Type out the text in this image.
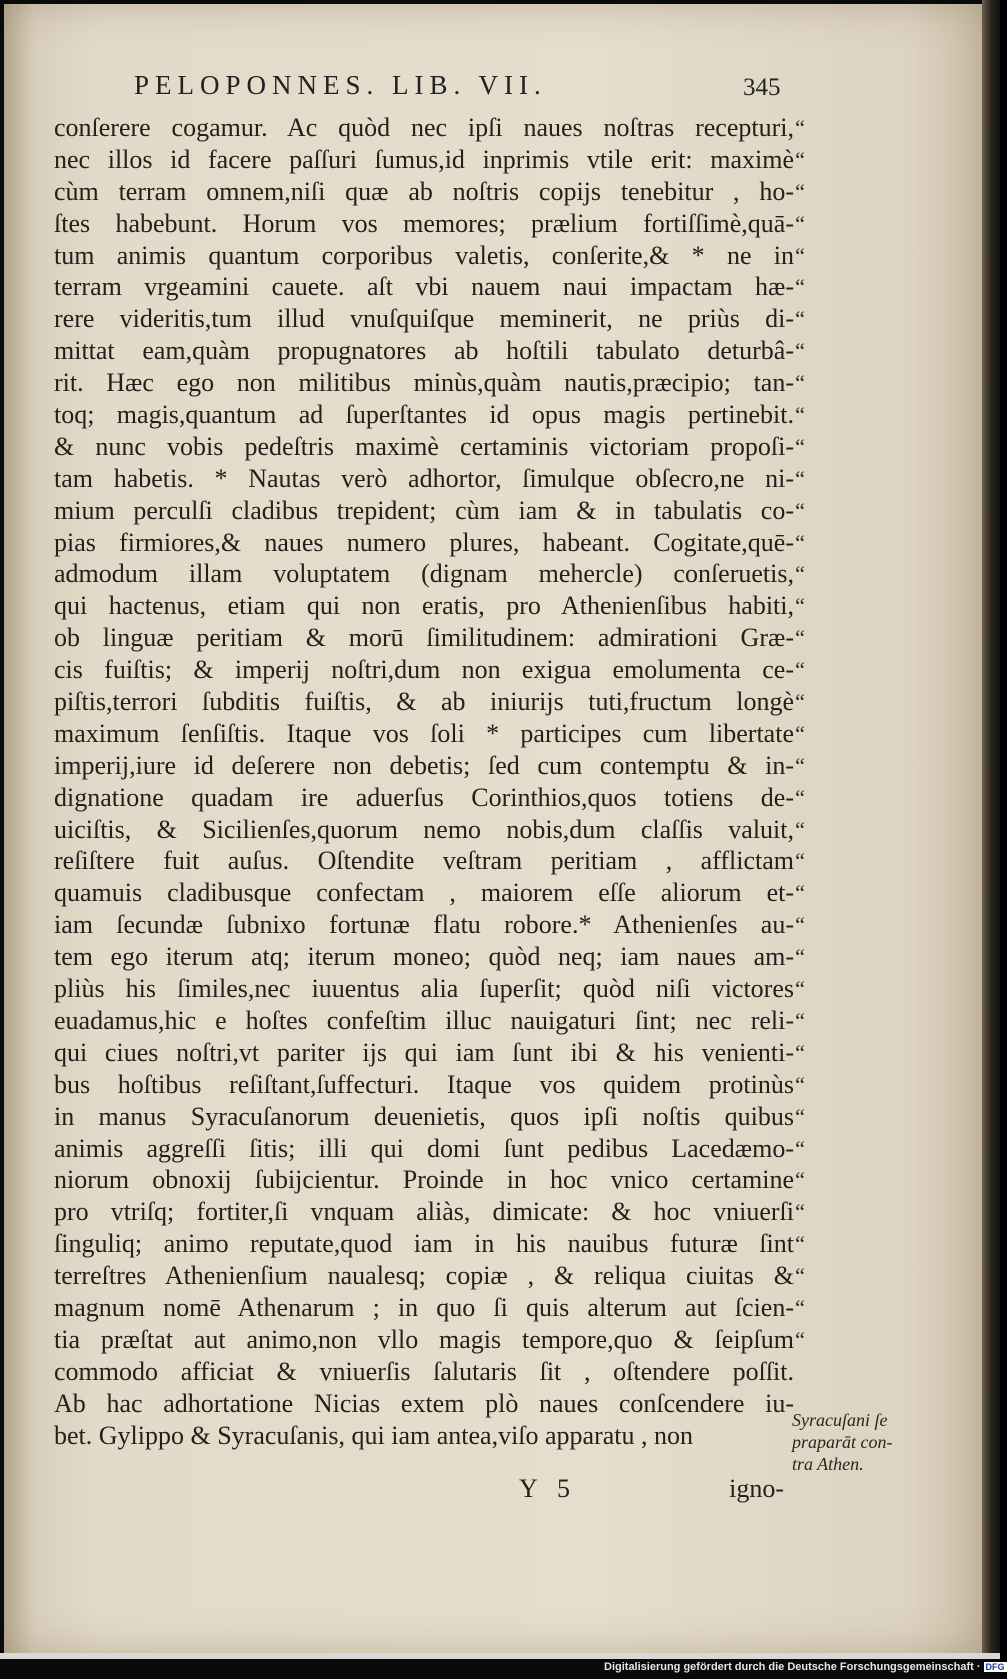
PELOPONNES. LIB. VII.	345
conſerere cogamur. Ac quòd nec ipſi naues noſtras recepturi,
nec illos id facere paſſuri ſumus,id inprimis vtile erit: maximè
cùm terram omnem,niſi quæ ab noſtris copijs tenebitur , ho-
ſtes habebunt. Horum vos memores; prælium fortiſſimè,quā-
tum animis quantum corporibus valetis, conſerite,& * ne in
terram vrgeamini cauete. aſt vbi nauem naui impactam hæ-
rere videritis,tum illud vnuſquiſque meminerit, ne priùs di-
mittat eam,quàm propugnatores ab hoſtili tabulato deturbâ-
rit. Hæc ego non militibus minùs,quàm nautis,præcipio; tan-
toq; magis,quantum ad ſuperſtantes id opus magis pertinebit.
& nunc vobis pedeſtris maximè certaminis victoriam propoſi-
tam habetis. * Nautas verò adhortor, ſimulque obſecro,ne ni-
mium perculſi cladibus trepident; cùm iam & in tabulatis co-
pias firmiores,& naues numero plures, habeant. Cogitate,quē-
admodum illam voluptatem (dignam mehercle) conſeruetis,
qui hactenus, etiam qui non eratis, pro Athenienſibus habiti,
ob linguæ peritiam & morū ſimilitudinem: admirationi Græ-
cis fuiſtis; & imperij noſtri,dum non exigua emolumenta ce-
piſtis,terrori ſubditis fuiſtis, & ab iniurijs tuti,fructum longè
maximum ſenſiſtis. Itaque vos ſoli * participes cum libertate
imperij,iure id deſerere non debetis; ſed cum contemptu & in-
dignatione quadam ire aduerſus Corinthios,quos totiens de-
uiciſtis, & Sicilienſes,quorum nemo nobis,dum claſſis valuit,
reſiſtere fuit auſus. Oſtendite veſtram peritiam , afflictam
quamuis cladibusque confectam , maiorem eſſe aliorum et-
iam ſecundæ ſubnixo fortunæ flatu robore.* Athenienſes au-
tem ego iterum atq; iterum moneo; quòd neq; iam naues am-
pliùs his ſimiles,nec iuuentus alia ſuperſit; quòd niſi victores
euadamus,hic e hoſtes confeſtim illuc nauigaturi ſint; nec reli-
qui ciues noſtri,vt pariter ijs qui iam ſunt ibi & his venienti-
bus hoſtibus reſiſtant,ſuffecturi. Itaque vos quidem protinùs
in manus Syracuſanorum deuenietis, quos ipſi noſtis quibus
animis aggreſſi ſitis; illi qui domi ſunt pedibus Lacedæmo-
niorum obnoxij ſubijcientur. Proinde in hoc vnico certamine
pro vtriſq; fortiter,ſi vnquam aliàs, dimicate: & hoc vniuerſi
ſinguliq; animo reputate,quod iam in his nauibus futuræ ſint
terreſtres Athenienſium naualesq; copiæ , & reliqua ciuitas &
magnum nomē Athenarum ; in quo ſi quis alterum aut ſcien-
tia præſtat aut animo,non vllo magis tempore,quo & ſeipſum
commodo afficiat & vniuerſis ſalutaris ſit , oſtendere poſſit.
Ab hac adhortatione Nicias extem plò naues conſcendere iu-
bet. Gylippo & Syracuſanis, qui iam antea,viſo apparatu , non
“
“
“
“
“
“
“
“
“
“
“
“
“
“
“
“
“
“
“
“
“
“
“
“
“
“
“
“
“
“
“
“
“
“
“
“
“
“
“
Syracuſani ſe
praparāt con-
tra Athen.
Y 5	igno-
Digitalisierung gefördert durch die Deutsche Forschungsgemeinschaft · DFG
